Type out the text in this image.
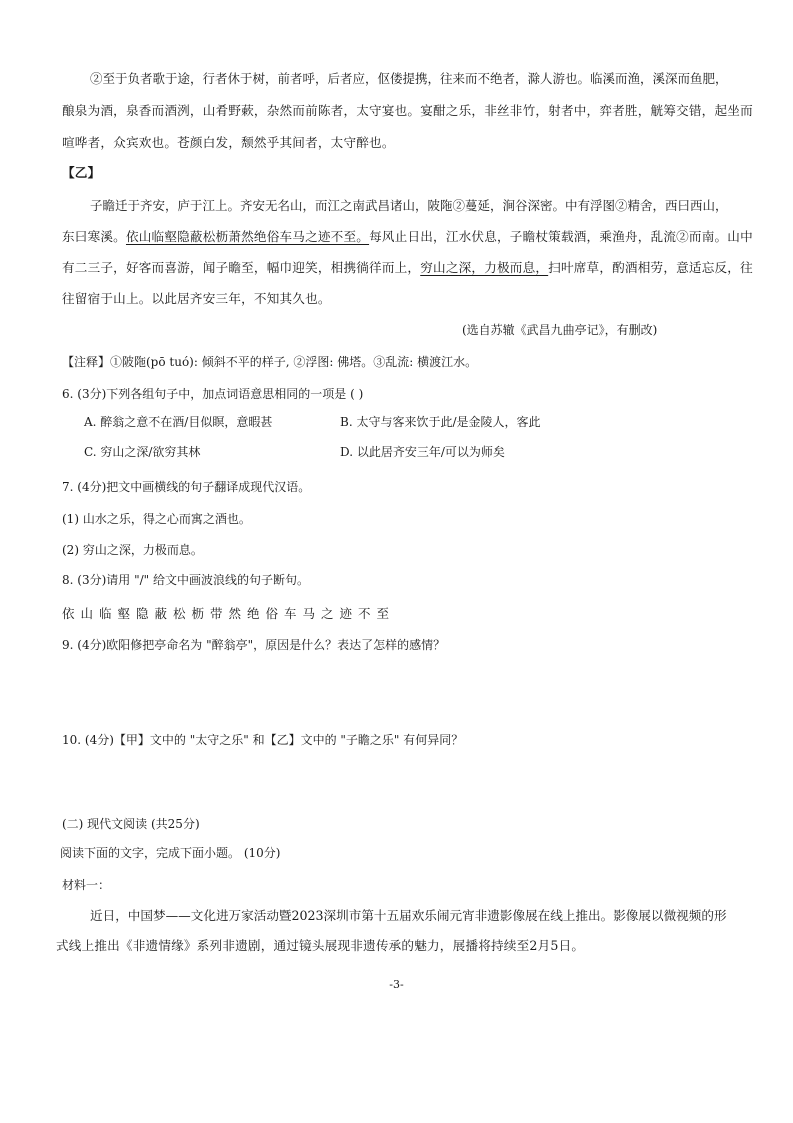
②至于负者歌于途，行者休于树，前者呼，后者应，伛偻提携，往来而不绝者，滁人游也。临溪而渔，溪深而鱼肥，
酿泉为酒，泉香而酒洌，山肴野蔌，杂然而前陈者，太守宴也。宴酣之乐，非丝非竹，射者中，弈者胜，觥筹交错，起坐而
喧哗者，众宾欢也。苍颜白发，颓然乎其间者，太守醉也。
【乙】
子瞻迁于齐安，庐于江上。齐安无名山，而江之南武昌诸山，陂陁②蔓延，涧谷深密。中有浮图②精舍，西曰西山，
东曰寒溪。依山临壑隐蔽松枥萧然绝俗车马之迹不至。每风止日出，江水伏息，子瞻杖策载酒，乘渔舟，乱流②而南。山中
有二三子，好客而喜游，闻子瞻至，幅巾迎笑，相携徜徉而上，穷山之深，力极而息，扫叶席草，酌酒相劳，意适忘反，往
往留宿于山上。以此居齐安三年，不知其久也。
(选自苏辙《武昌九曲亭记》，有删改)
【注释】①陂陁(pō tuó): 倾斜不平的样子, ②浮图: 佛塔。③乱流: 横渡江水。
6. (3分)下列各组句子中，加点词语意思相同的一项是 ( )
A. 醉翁之意不在酒/目似瞑，意暇甚	B. 太守与客来饮于此/是金陵人，客此
C. 穷山之深/欲穷其林	D. 以此居齐安三年/可以为师矣
7. (4分)把文中画横线的句子翻译成现代汉语。
(1) 山水之乐，得之心而寓之酒也。
(2) 穷山之深，力极而息。
8. (3分)请用 "/" 给文中画波浪线的句子断句。
依山临壑隐蔽松枥带然绝俗车马之迹不至
9. (4分)欧阳修把亭命名为 "醉翁亭"，原因是什么？表达了怎样的感情？
10. (4分)【甲】文中的 "太守之乐" 和【乙】文中的 "子瞻之乐" 有何异同？
(二) 现代文阅读 (共25分)
阅读下面的文字，完成下面小题。 (10分)
材料一：
近日，中国梦——文化进万家活动暨2023深圳市第十五届欢乐闹元宵非遗影像展在线上推出。影像展以微视频的形
式线上推出《非遗情缘》系列非遗剧，通过镜头展现非遗传承的魅力，展播将持续至2月5日。
-3-
